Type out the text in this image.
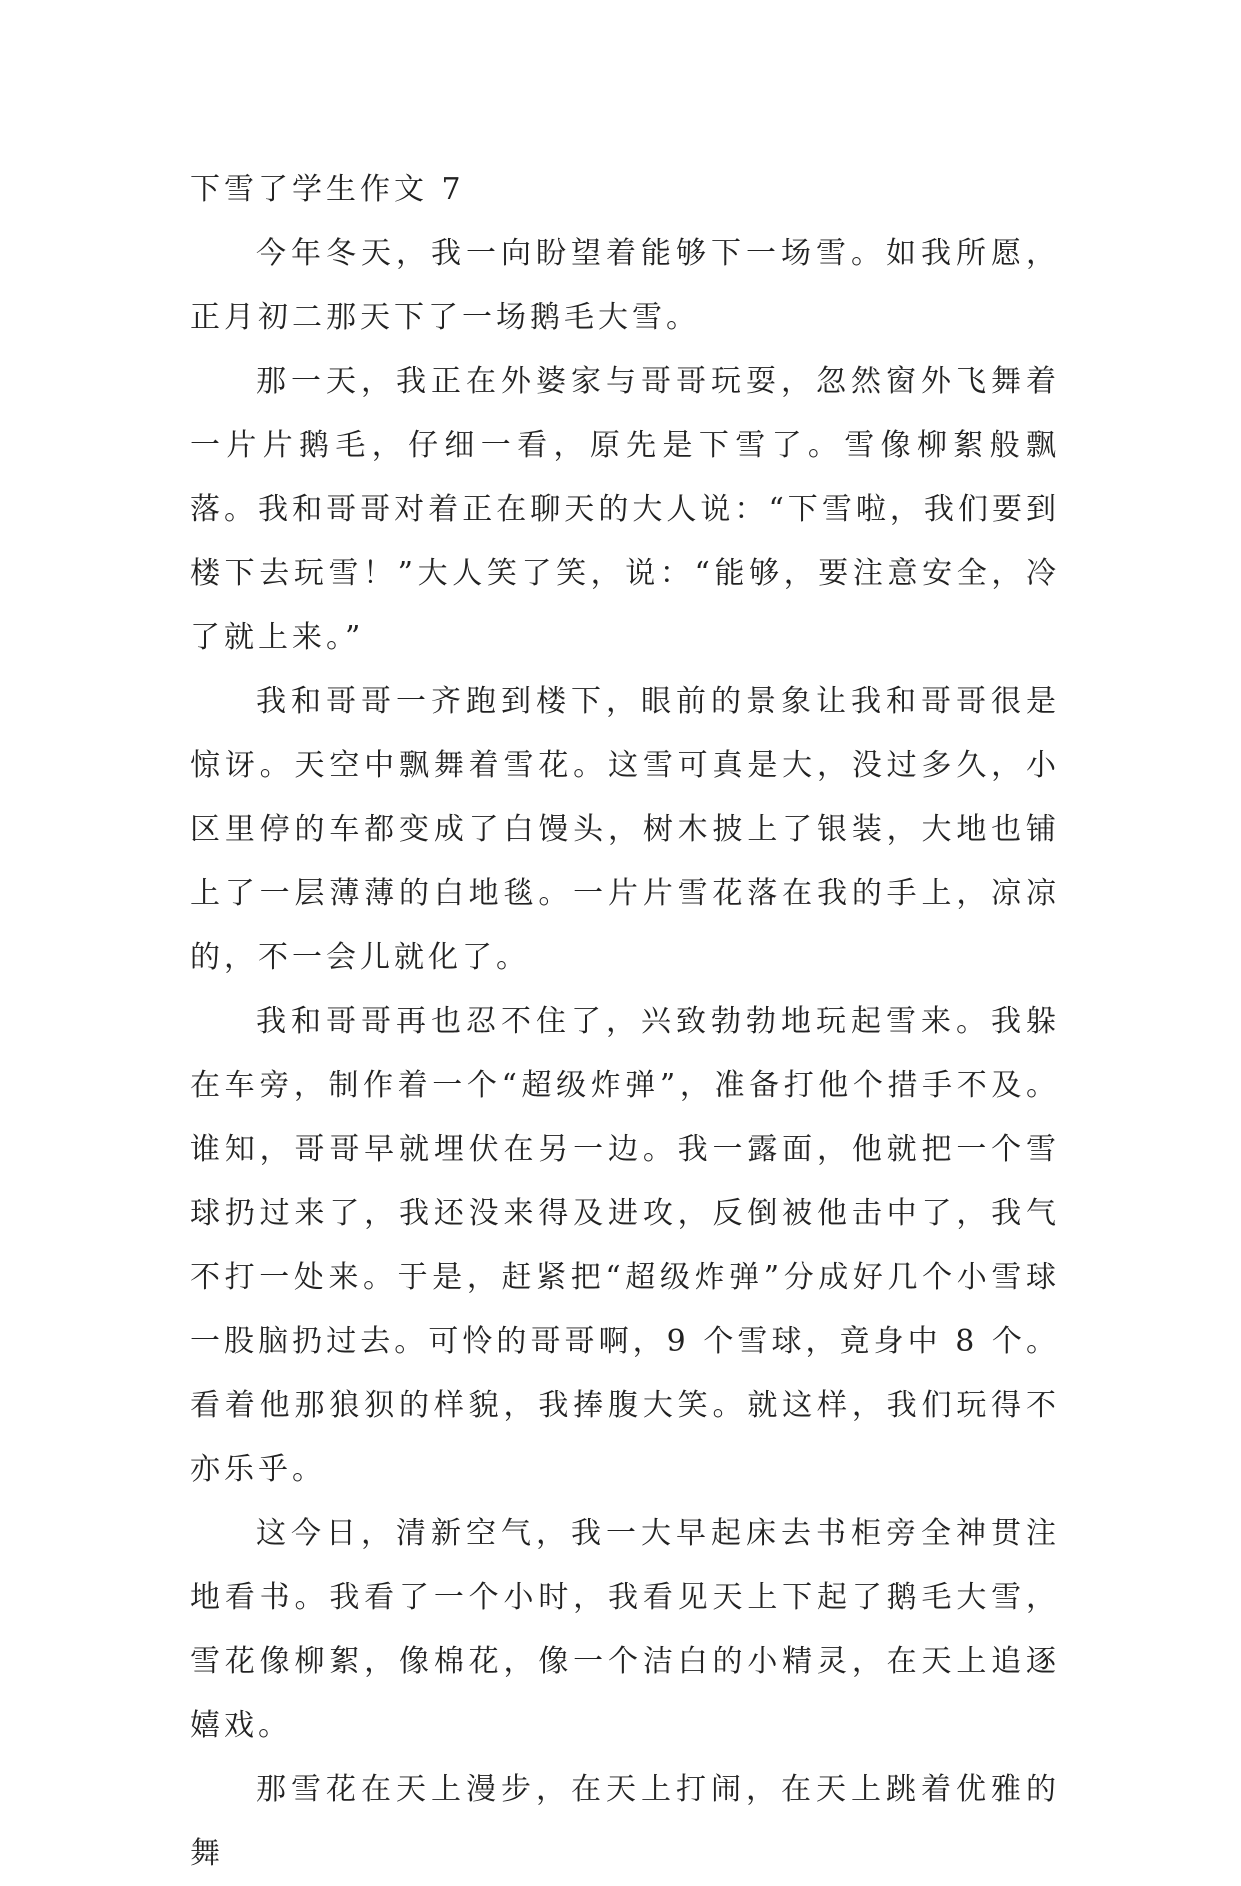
下雪了学生作文 7

今年冬天，我一向盼望着能够下一场雪。如我所愿，正月初二那天下了一场鹅毛大雪。

那一天，我正在外婆家与哥哥玩耍，忽然窗外飞舞着一片片鹅毛，仔细一看，原先是下雪了。雪像柳絮般飘落。我和哥哥对着正在聊天的大人说：“下雪啦，我们要到楼下去玩雪！”大人笑了笑，说：“能够，要注意安全，冷了就上来。”

我和哥哥一齐跑到楼下，眼前的景象让我和哥哥很是惊讶。天空中飘舞着雪花。这雪可真是大，没过多久，小区里停的车都变成了白馒头，树木披上了银装，大地也铺上了一层薄薄的白地毯。一片片雪花落在我的手上，凉凉的，不一会儿就化了。

我和哥哥再也忍不住了，兴致勃勃地玩起雪来。我躲在车旁，制作着一个“超级炸弹”，准备打他个措手不及。谁知，哥哥早就埋伏在另一边。我一露面，他就把一个雪球扔过来了，我还没来得及进攻，反倒被他击中了，我气不打一处来。于是，赶紧把“超级炸弹”分成好几个小雪球一股脑扔过去。可怜的哥哥啊，9 个雪球，竟身中 8 个。看着他那狼狈的样貌，我捧腹大笑。就这样，我们玩得不亦乐乎。

这今日，清新空气，我一大早起床去书柜旁全神贯注地看书。我看了一个小时，我看见天上下起了鹅毛大雪，雪花像柳絮，像棉花，像一个洁白的小精灵，在天上追逐嬉戏。

那雪花在天上漫步，在天上打闹，在天上跳着优雅的舞
